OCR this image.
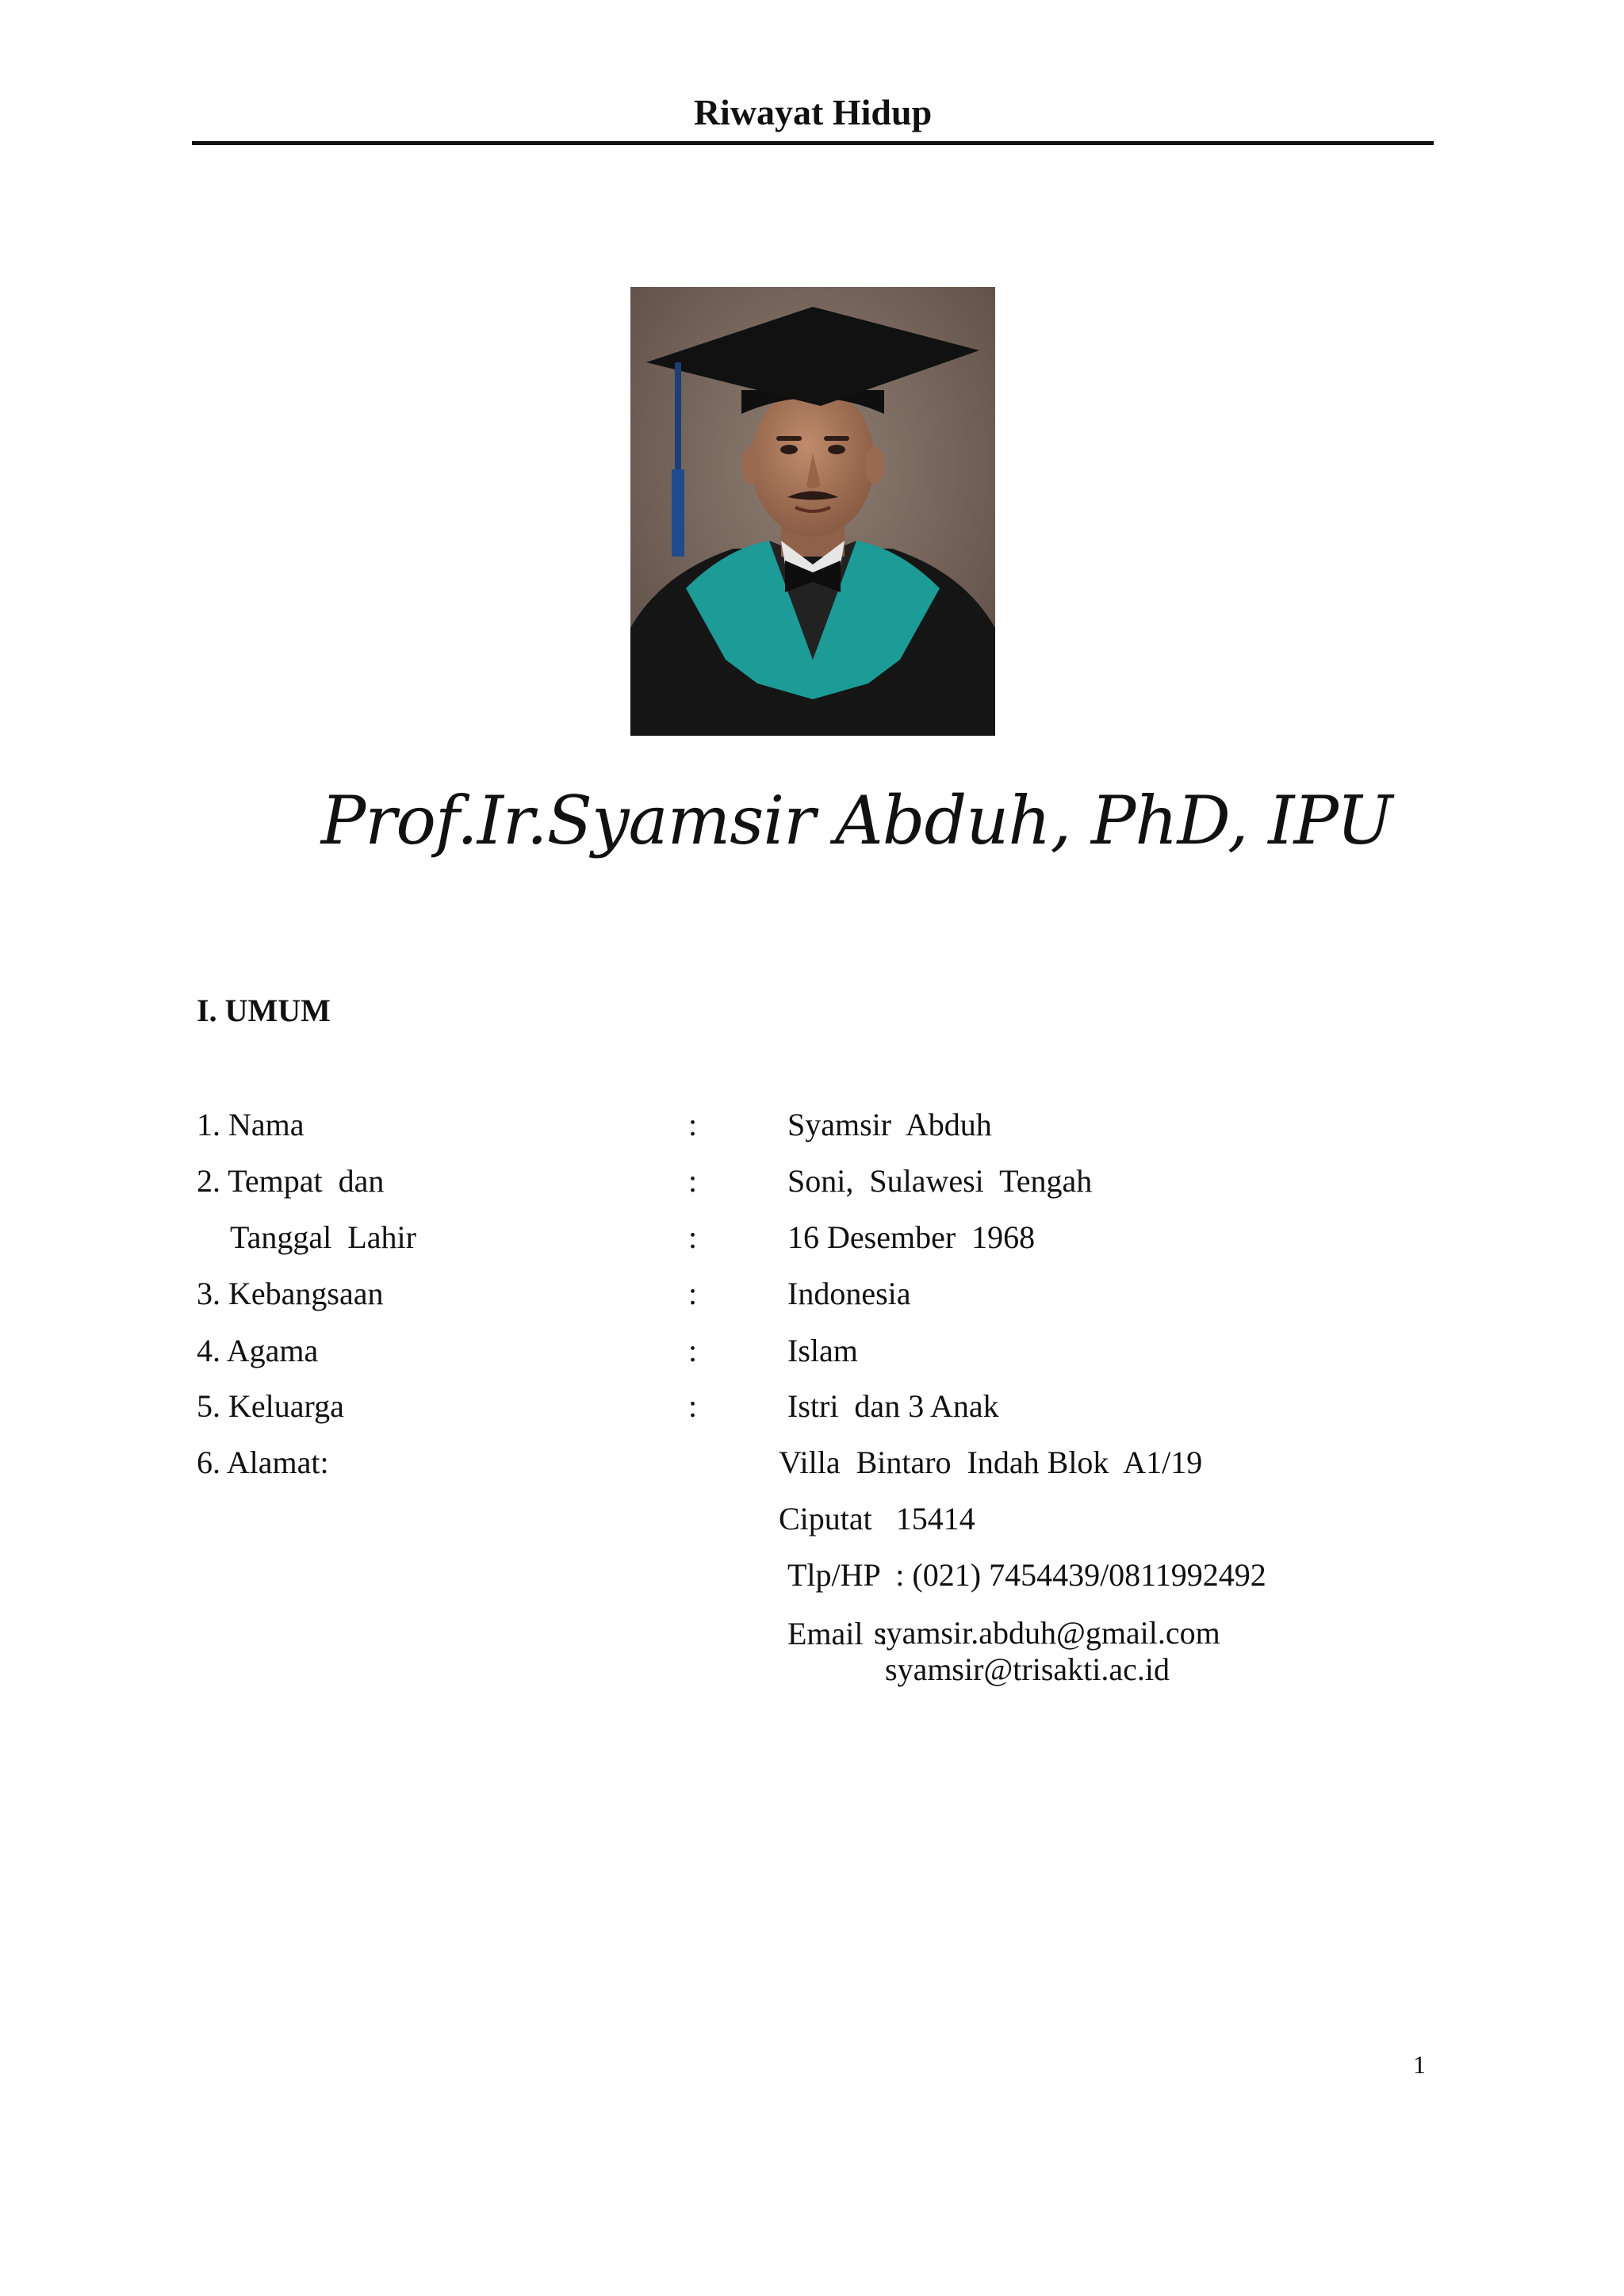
Riwayat Hidup
Prof.Ir.Syamsir Abduh, PhD, IPU
I. UMUM
1. Nama	:	Syamsir  Abduh
2. Tempat  dan	:	Soni,  Sulawesi  Tengah
Tanggal  Lahir	:	16 Desember  1968
3. Kebangsaan	:	Indonesia
4. Agama	:	Islam
5. Keluarga	:	Istri  dan 3 Anak
6. Alamat:	Villa  Bintaro  Indah Blok  A1/19
Ciputat   15414
Tlp/HP  : (021) 7454439/0811992492
Email  :
syamsir.abduh@gmail.com
syamsir@trisakti.ac.id
1
